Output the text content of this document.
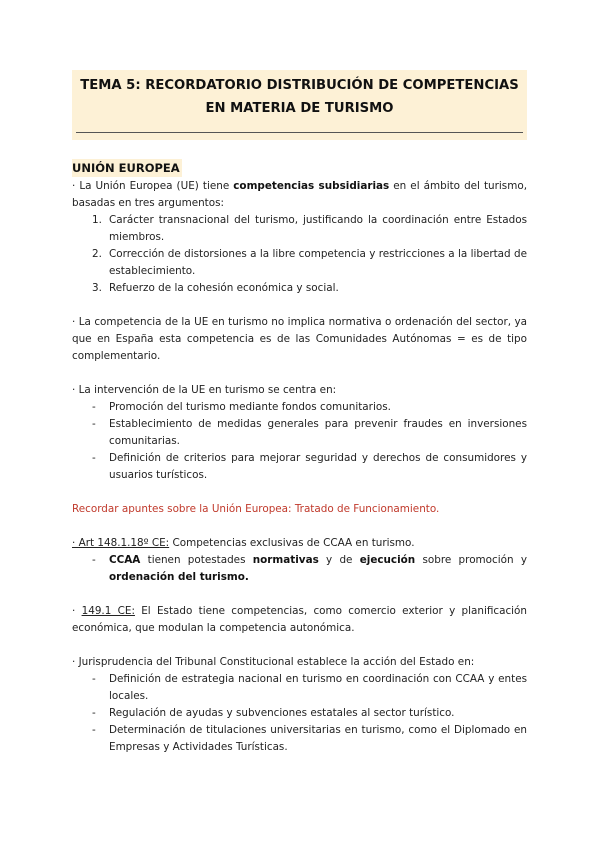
TEMA 5: RECORDATORIO DISTRIBUCIÓN DE COMPETENCIAS
EN MATERIA DE TURISMO
UNIÓN EUROPEA

· La Unión Europea (UE) tiene competencias subsidiarias en el ámbito del turismo, basadas en tres argumentos:

1. Carácter transnacional del turismo, justificando la coordinación entre Estados miembros.
2. Corrección de distorsiones a la libre competencia y restricciones a la libertad de establecimiento.
3. Refuerzo de la cohesión económica y social.

· La competencia de la UE en turismo no implica normativa o ordenación del sector, ya que en España esta competencia es de las Comunidades Autónomas = es de tipo complementario.

· La intervención de la UE en turismo se centra en:

- Promoción del turismo mediante fondos comunitarios.
- Establecimiento de medidas generales para prevenir fraudes en inversiones comunitarias.
- Definición de criterios para mejorar seguridad y derechos de consumidores y usuarios turísticos.

Recordar apuntes sobre la Unión Europea: Tratado de Funcionamiento.

· Art 148.1.18º CE: Competencias exclusivas de CCAA en turismo.

- CCAA tienen potestades normativas y de ejecución sobre promoción y ordenación del turismo.

· 149.1 CE: El Estado tiene competencias, como comercio exterior y planificación económica, que modulan la competencia autonómica.

· Jurisprudencia del Tribunal Constitucional establece la acción del Estado en:

- Definición de estrategia nacional en turismo en coordinación con CCAA y entes locales.
- Regulación de ayudas y subvenciones estatales al sector turístico.
- Determinación de titulaciones universitarias en turismo, como el Diplomado en Empresas y Actividades Turísticas.
